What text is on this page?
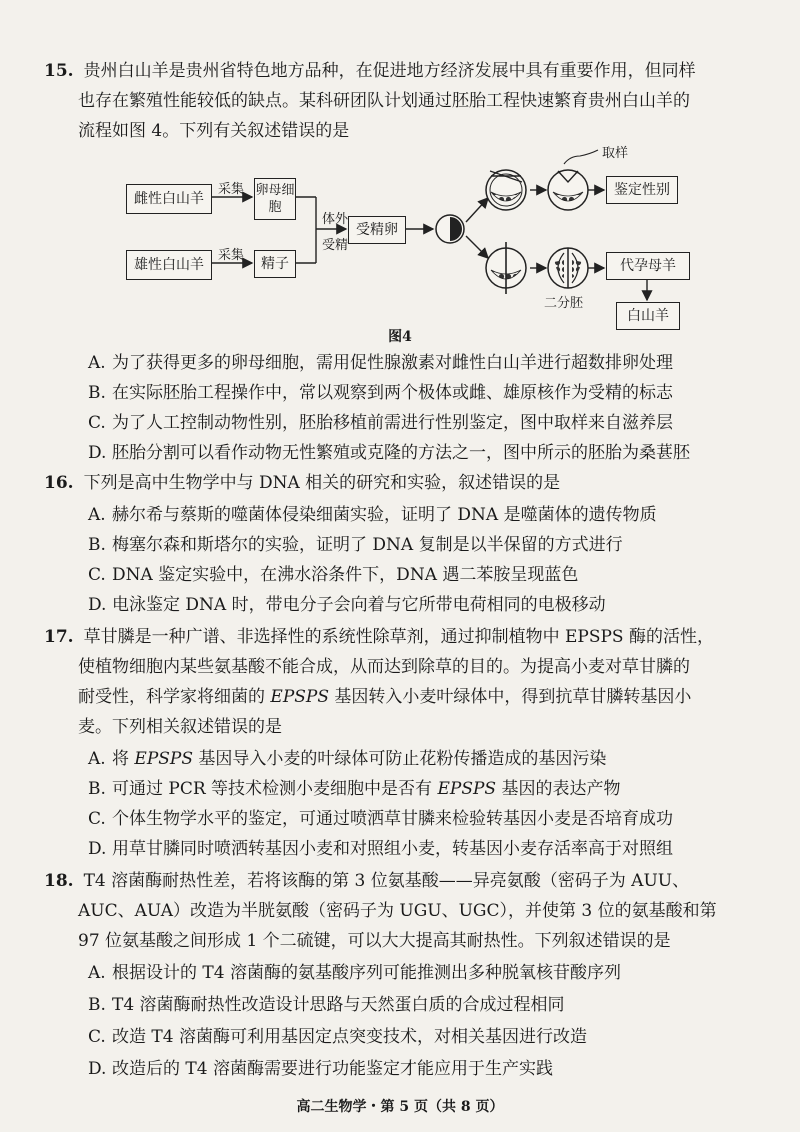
15. 贵州白山羊是贵州省特色地方品种，在促进地方经济发展中具有重要作用，但同样
也存在繁殖性能较低的缺点。某科研团队计划通过胚胎工程快速繁育贵州白山羊的
流程如图 4。下列有关叙述错误的是
雌性白山羊
雄性白山羊
采集
采集
卵母细胞
精子
体外
受精
受精卵
取样
鉴定性别
二分胚
代孕母羊
白山羊
图4
A. 为了获得更多的卵母细胞，需用促性腺激素对雌性白山羊进行超数排卵处理
B. 在实际胚胎工程操作中，常以观察到两个极体或雌、雄原核作为受精的标志
C. 为了人工控制动物性别，胚胎移植前需进行性别鉴定，图中取样来自滋养层
D. 胚胎分割可以看作动物无性繁殖或克隆的方法之一，图中所示的胚胎为桑葚胚
16. 下列是高中生物学中与 DNA 相关的研究和实验，叙述错误的是
A. 赫尔希与蔡斯的噬菌体侵染细菌实验，证明了 DNA 是噬菌体的遗传物质
B. 梅塞尔森和斯塔尔的实验，证明了 DNA 复制是以半保留的方式进行
C. DNA 鉴定实验中，在沸水浴条件下，DNA 遇二苯胺呈现蓝色
D. 电泳鉴定 DNA 时，带电分子会向着与它所带电荷相同的电极移动
17. 草甘膦是一种广谱、非选择性的系统性除草剂，通过抑制植物中 EPSPS 酶的活性，
使植物细胞内某些氨基酸不能合成，从而达到除草的目的。为提高小麦对草甘膦的
耐受性，科学家将细菌的 EPSPS 基因转入小麦叶绿体中，得到抗草甘膦转基因小
麦。下列相关叙述错误的是
A. 将 EPSPS 基因导入小麦的叶绿体可防止花粉传播造成的基因污染
B. 可通过 PCR 等技术检测小麦细胞中是否有 EPSPS 基因的表达产物
C. 个体生物学水平的鉴定，可通过喷洒草甘膦来检验转基因小麦是否培育成功
D. 用草甘膦同时喷洒转基因小麦和对照组小麦，转基因小麦存活率高于对照组
18. T4 溶菌酶耐热性差，若将该酶的第 3 位氨基酸——异亮氨酸（密码子为 AUU、
AUC、AUA）改造为半胱氨酸（密码子为 UGU、UGC），并使第 3 位的氨基酸和第
97 位氨基酸之间形成 1 个二硫键，可以大大提高其耐热性。下列叙述错误的是
A. 根据设计的 T4 溶菌酶的氨基酸序列可能推测出多种脱氧核苷酸序列
B. T4 溶菌酶耐热性改造设计思路与天然蛋白质的合成过程相同
C. 改造 T4 溶菌酶可利用基因定点突变技术，对相关基因进行改造
D. 改造后的 T4 溶菌酶需要进行功能鉴定才能应用于生产实践
高二生物学・第 5 页（共 8 页）
